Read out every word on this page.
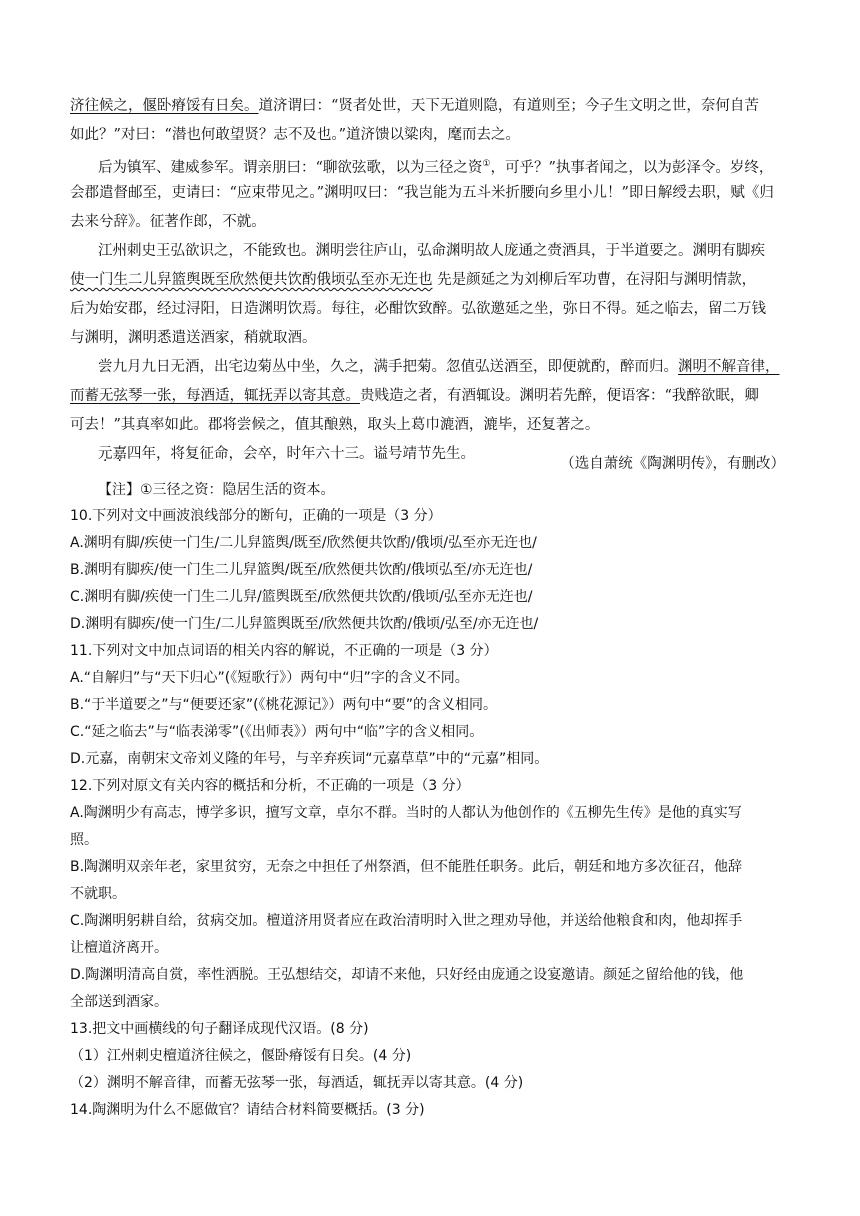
济往候之，偃卧瘠馁有日矣。道济谓曰：“贤者处世，天下无道则隐，有道则至；今子生文明之世，奈何自苦
如此？”对曰：“潜也何敢望贤？志不及也。”道济馈以粱肉，麾而去之。
后为镇军、建威参军。谓亲朋曰：“聊欲弦歌，以为三径之资①，可乎？”执事者闻之，以为彭泽令。岁终，
会郡遣督邮至，吏请曰：“应束带见之。”渊明叹曰：“我岂能为五斗米折腰向乡里小儿！”即日解绶去职，赋《归
去来兮辞》。征著作郎，不就。
江州刺史王弘欲识之，不能致也。渊明尝往庐山，弘命渊明故人庞通之赍酒具，于半道要之。渊明有脚疾
使一门生二儿舁篮舆既至欣然便共饮酌俄顷弘至亦无迕也 先是颜延之为刘柳后军功曹，在浔阳与渊明情款，
后为始安郡，经过浔阳，日造渊明饮焉。每往，必酣饮致醉。弘欲邀延之坐，弥日不得。延之临去，留二万钱
与渊明，渊明悉遣送酒家，稍就取酒。
尝九月九日无酒，出宅边菊丛中坐，久之，满手把菊。忽值弘送酒至，即便就酌，醉而归。渊明不解音律，
而蓄无弦琴一张，每酒适，辄抚弄以寄其意。贵贱造之者，有酒辄设。渊明若先醉，便语客：“我醉欲眠，卿
可去！”其真率如此。郡将尝候之，值其酿熟，取头上葛巾漉酒，漉毕，还复著之。
元嘉四年，将复征命，会卒，时年六十三。谥号靖节先生。
（选自萧统《陶渊明传》，有删改）
【注】①三径之资：隐居生活的资本。
10.下列对文中画波浪线部分的断句，正确的一项是（3 分）
A.渊明有脚/疾使一门生/二儿舁篮舆/既至/欣然便共饮酌/俄顷/弘至亦无迕也/
B.渊明有脚疾/使一门生二儿舁篮舆/既至/欣然便共饮酌/俄顷弘至/亦无迕也/
C.渊明有脚/疾使一门生二儿舁/篮舆既至/欣然便共饮酌/俄顷/弘至亦无迕也/
D.渊明有脚疾/使一门生/二儿舁篮舆既至/欣然便共饮酌/俄顷/弘至/亦无迕也/
11.下列对文中加点词语的相关内容的解说，不正确的一项是（3 分）
A.“自解归”与“天下归心”(《短歌行》）两句中“归”字的含义不同。
B.“于半道要之”与“便要还家”(《桃花源记》）两句中“要”的含义相同。
C.“延之临去”与“临表涕零”(《出师表》）两句中“临”字的含义相同。
D.元嘉，南朝宋文帝刘义隆的年号，与辛弃疾词“元嘉草草”中的“元嘉”相同。
12.下列对原文有关内容的概括和分析，不正确的一项是（3 分）
A.陶渊明少有高志，博学多识，擅写文章，卓尔不群。当时的人都认为他创作的《五柳先生传》是他的真实写
照。
B.陶渊明双亲年老，家里贫穷，无奈之中担任了州祭酒，但不能胜任职务。此后，朝廷和地方多次征召，他辞
不就职。
C.陶渊明躬耕自给，贫病交加。檀道济用贤者应在政治清明时入世之理劝导他，并送给他粮食和肉，他却挥手
让檀道济离开。
D.陶渊明清高自赏，率性洒脱。王弘想结交，却请不来他，只好经由庞通之设宴邀请。颜延之留给他的钱，他
全部送到酒家。
13.把文中画横线的句子翻译成现代汉语。(8 分)
（1）江州刺史檀道济往候之，偃卧瘠馁有日矣。(4 分)
（2）渊明不解音律，而蓄无弦琴一张，每酒适，辄抚弄以寄其意。(4 分)
14.陶渊明为什么不愿做官？请结合材料简要概括。(3 分)
